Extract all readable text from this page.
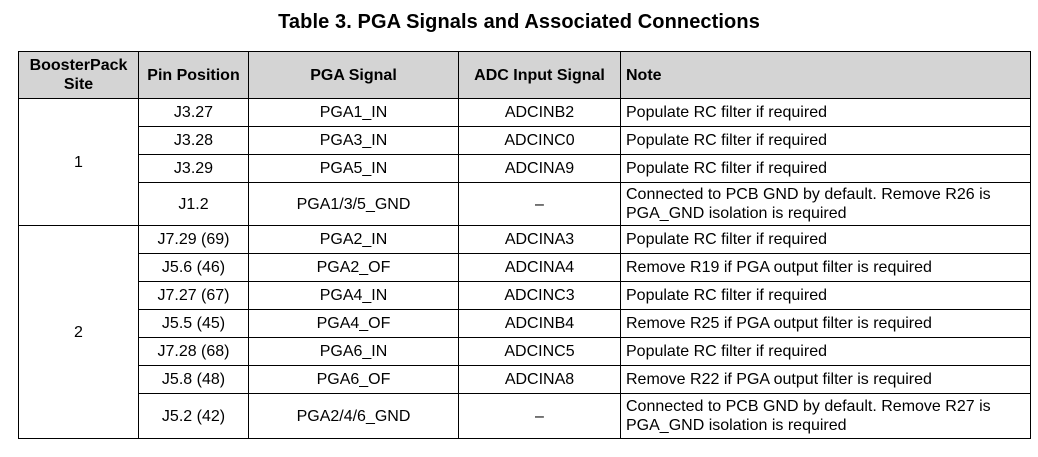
Table 3. PGA Signals and Associated Connections
BoosterPack Site	Pin Position	PGA Signal	ADC Input Signal	Note
1	J3.27	PGA1_IN	ADCINB2	Populate RC filter if required
	J3.28	PGA3_IN	ADCINC0	Populate RC filter if required
	J3.29	PGA5_IN	ADCINA9	Populate RC filter if required
	J1.2	PGA1/3/5_GND	–	Connected to PCB GND by default. Remove R26 is PGA_GND isolation is required
2	J7.29 (69)	PGA2_IN	ADCINA3	Populate RC filter if required
	J5.6 (46)	PGA2_OF	ADCINA4	Remove R19 if PGA output filter is required
	J7.27 (67)	PGA4_IN	ADCINC3	Populate RC filter if required
	J5.5 (45)	PGA4_OF	ADCINB4	Remove R25 if PGA output filter is required
	J7.28 (68)	PGA6_IN	ADCINC5	Populate RC filter if required
	J5.8 (48)	PGA6_OF	ADCINA8	Remove R22 if PGA output filter is required
	J5.2 (42)	PGA2/4/6_GND	–	Connected to PCB GND by default. Remove R27 is PGA_GND isolation is required
